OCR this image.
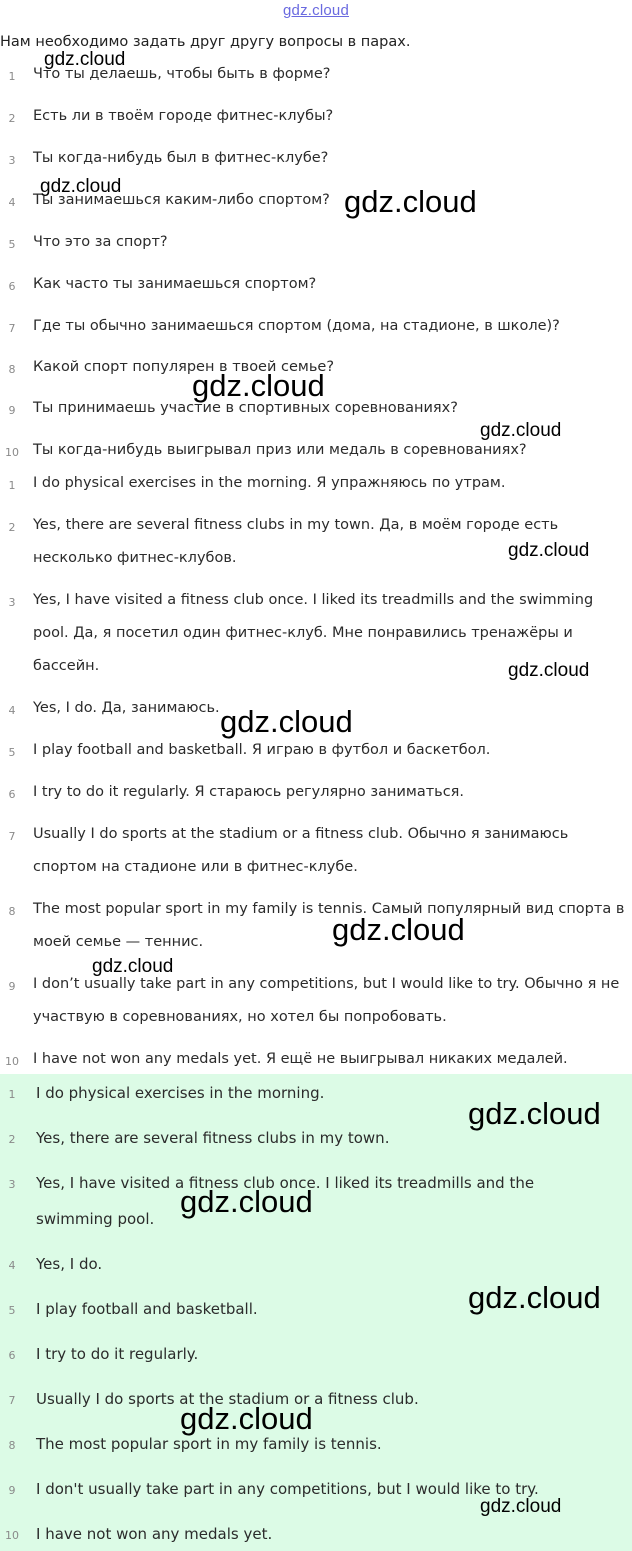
gdz.cloud
Нам необходимо задать друг другу вопросы в парах.
1	Что ты делаешь, чтобы быть в форме?
2	Есть ли в твоём городе фитнес-клубы?
3	Ты когда-нибудь был в фитнес-клубе?
4	Ты занимаешься каким-либо спортом?
5	Что это за спорт?
6	Как часто ты занимаешься спортом?
7	Где ты обычно занимаешься спортом (дома, на стадионе, в школе)?
8	Какой спорт популярен в твоей семье?
9	Ты принимаешь участие в спортивных соревнованиях?
10 Ты когда-нибудь выигрывал приз или медаль в соревнованиях?
1	I do physical exercises in the morning. Я упражняюсь по утрам.
2	Yes, there are several fitness clubs in my town. Да, в моём городе есть несколько фитнес-клубов.
3	Yes, I have visited a fitness club once. I liked its treadmills and the swimming pool. Да, я посетил один фитнес-клуб. Мне понравились тренажёры и бассейн.
4	Yes, I do. Да, занимаюсь.
5	I play football and basketball. Я играю в футбол и баскетбол.
6	I try to do it regularly. Я стараюсь регулярно заниматься.
7	Usually I do sports at the stadium or a fitness club. Обычно я занимаюсь спортом на стадионе или в фитнес-клубе.
8	The most popular sport in my family is tennis. Самый популярный вид спорта в моей семье — теннис.
9	I don’t usually take part in any competitions, but I would like to try. Обычно я не участвую в соревнованиях, но хотел бы попробовать.
10 I have not won any medals yet. Я ещё не выигрывал никаких медалей.
1	I do physical exercises in the morning.
2	Yes, there are several fitness clubs in my town.
3	Yes, I have visited a fitness club once. I liked its treadmills and the swimming pool.
4	Yes, I do.
5	I play football and basketball.
6	I try to do it regularly.
7	Usually I do sports at the stadium or a fitness club.
8	The most popular sport in my family is tennis.
9	I don't usually take part in any competitions, but I would like to try.
10	I have not won any medals yet.
gdz.cloud
gdz.cloud	gdz.cloud
gdz.cloud
gdz.cloud
gdz.cloud
gdz.cloud
gdz.cloud
gdz.cloud
gdz.cloud
gdz.cloud
gdz.cloud
gdz.cloud
gdz.cloud
gdz.cloud
